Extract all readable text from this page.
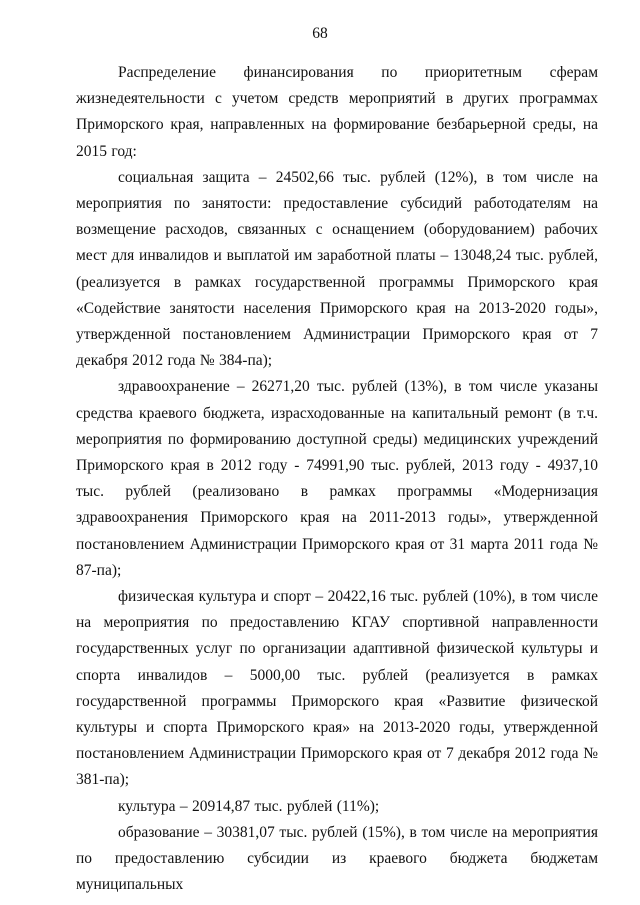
68

Распределение финансирования по приоритетным сферам жизнедеятельности с учетом средств мероприятий в других программах Приморского края, направленных на формирование безбарьерной среды, на 2015 год:

социальная защита – 24502,66 тыс. рублей (12%), в том числе на мероприятия по занятости: предоставление субсидий работодателям на возмещение расходов, связанных с оснащением (оборудованием) рабочих мест для инвалидов и выплатой им заработной платы – 13048,24 тыс. рублей, (реализуется в рамках государственной программы Приморского края «Содействие занятости населения Приморского края на 2013-2020 годы», утвержденной постановлением Администрации Приморского края от 7 декабря 2012 года № 384-па);

здравоохранение – 26271,20 тыс. рублей (13%), в том числе указаны средства краевого бюджета, израсходованные на капитальный ремонт (в т.ч. мероприятия по формированию доступной среды) медицинских учреждений Приморского края в 2012 году - 74991,90 тыс. рублей, 2013 году - 4937,10 тыс. рублей (реализовано в рамках программы «Модернизация здравоохранения Приморского края на 2011-2013 годы», утвержденной постановлением Администрации Приморского края от 31 марта 2011 года № 87-па);

физическая культура и спорт – 20422,16 тыс. рублей (10%), в том числе на мероприятия по предоставлению КГАУ спортивной направленности государственных услуг по организации адаптивной физической культуры и спорта инвалидов – 5000,00 тыс. рублей (реализуется в рамках государственной программы Приморского края «Развитие физической культуры и спорта Приморского края» на 2013-2020 годы, утвержденной постановлением Администрации Приморского края от 7 декабря 2012 года № 381-па);

культура – 20914,87 тыс. рублей (11%);

образование – 30381,07 тыс. рублей (15%), в том числе на мероприятия по предоставлению субсидии из краевого бюджета бюджетам муниципальных
